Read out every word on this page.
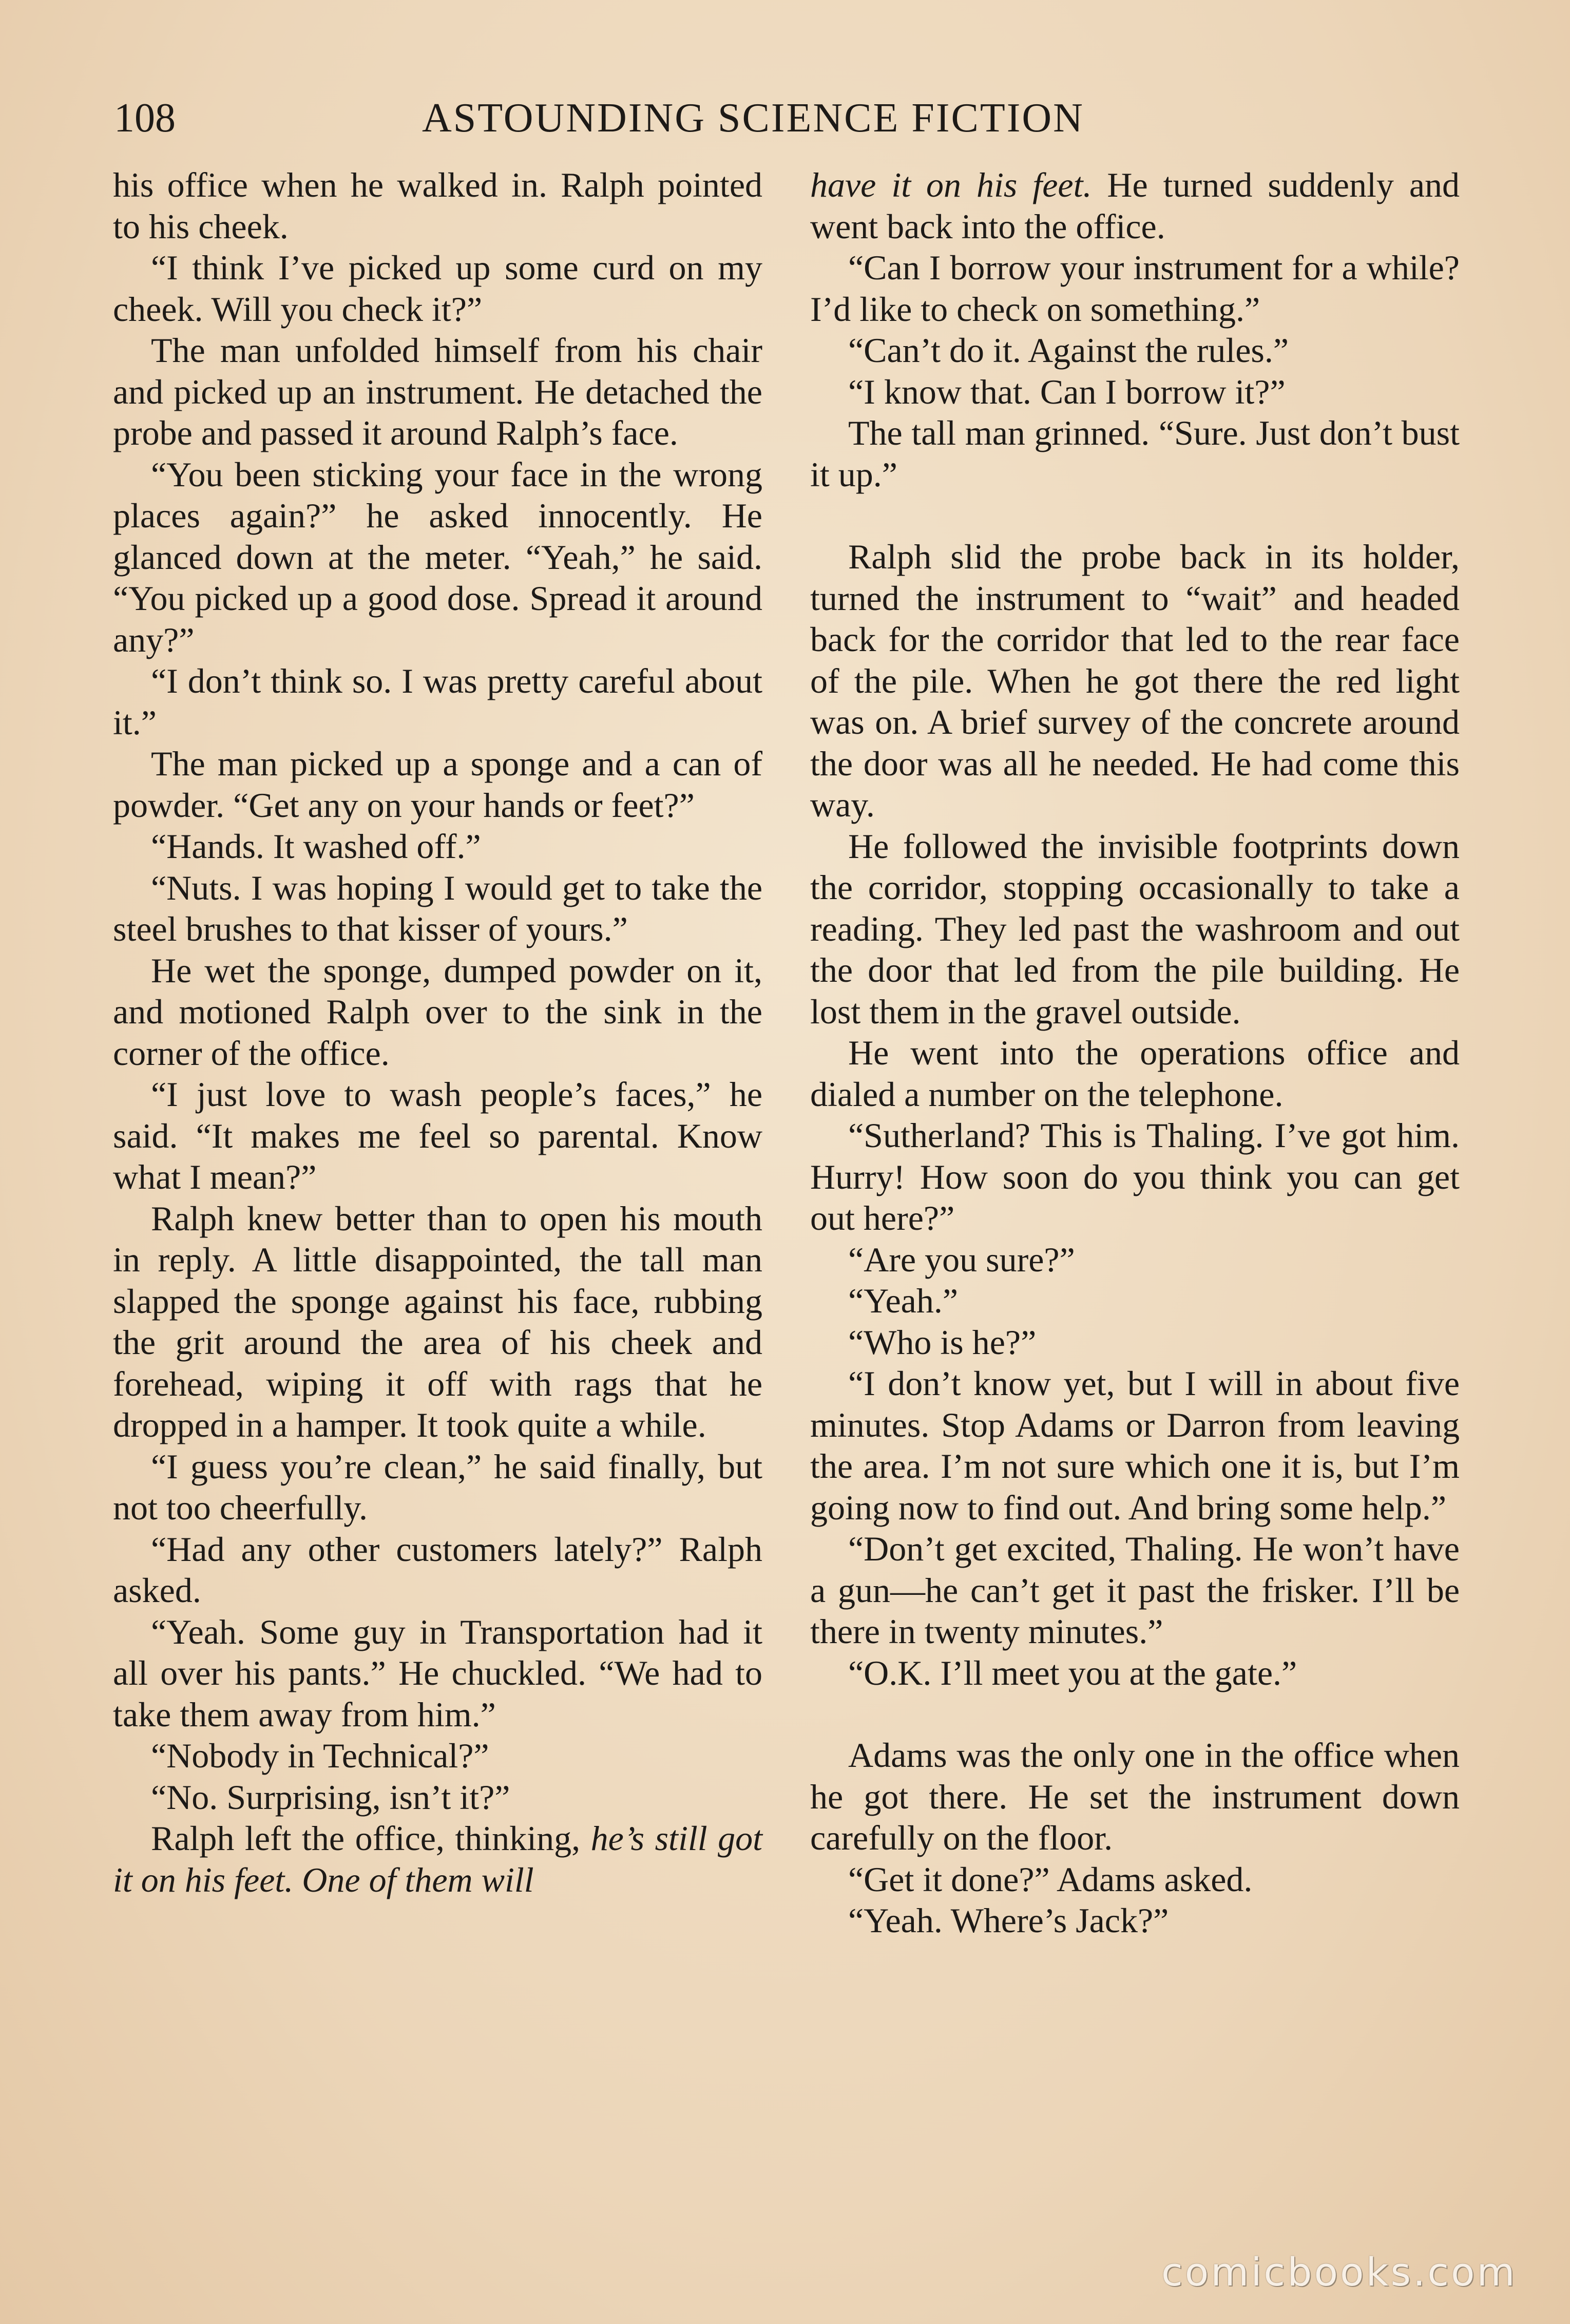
108	ASTOUNDING SCIENCE FICTION

his office when he walked in. Ralph pointed to his cheek.

“I think I’ve picked up some curd on my cheek. Will you check it?”

The man unfolded himself from his chair and picked up an instrument. He detached the probe and passed it around Ralph’s face.

“You been sticking your face in the wrong places again?” he asked innocently. He glanced down at the meter. “Yeah,” he said. “You picked up a good dose. Spread it around any?”

“I don’t think so. I was pretty careful about it.”

The man picked up a sponge and a can of powder. “Get any on your hands or feet?”

“Hands. It washed off.”

“Nuts. I was hoping I would get to take the steel brushes to that kisser of yours.”

He wet the sponge, dumped powder on it, and motioned Ralph over to the sink in the corner of the office.

“I just love to wash people’s faces,” he said. “It makes me feel so parental. Know what I mean?”

Ralph knew better than to open his mouth in reply. A little disappointed, the tall man slapped the sponge against his face, rubbing the grit around the area of his cheek and forehead, wiping it off with rags that he dropped in a hamper. It took quite a while.

“I guess you’re clean,” he said finally, but not too cheerfully.

“Had any other customers lately?” Ralph asked.

“Yeah. Some guy in Transportation had it all over his pants.” He chuckled. “We had to take them away from him.”

“Nobody in Technical?”

“No. Surprising, isn’t it?”

Ralph left the office, thinking, he’s still got it on his feet. One of them will

have it on his feet. He turned suddenly and went back into the office.

“Can I borrow your instrument for a while? I’d like to check on something.”

“Can’t do it. Against the rules.”

“I know that. Can I borrow it?”

The tall man grinned. “Sure. Just don’t bust it up.”

Ralph slid the probe back in its holder, turned the instrument to “wait” and headed back for the corridor that led to the rear face of the pile. When he got there the red light was on. A brief survey of the concrete around the door was all he needed. He had come this way.

He followed the invisible footprints down the corridor, stopping occasionally to take a reading. They led past the washroom and out the door that led from the pile building. He lost them in the gravel outside.

He went into the operations office and dialed a number on the telephone.

“Sutherland? This is Thaling. I’ve got him. Hurry! How soon do you think you can get out here?”

“Are you sure?”

“Yeah.”

“Who is he?”

“I don’t know yet, but I will in about five minutes. Stop Adams or Darron from leaving the area. I’m not sure which one it is, but I’m going now to find out. And bring some help.”

“Don’t get excited, Thaling. He won’t have a gun—he can’t get it past the frisker. I’ll be there in twenty minutes.”

“O.K. I’ll meet you at the gate.”

Adams was the only one in the office when he got there. He set the instrument down carefully on the floor.

“Get it done?” Adams asked.

“Yeah. Where’s Jack?”

comicbooks.com
